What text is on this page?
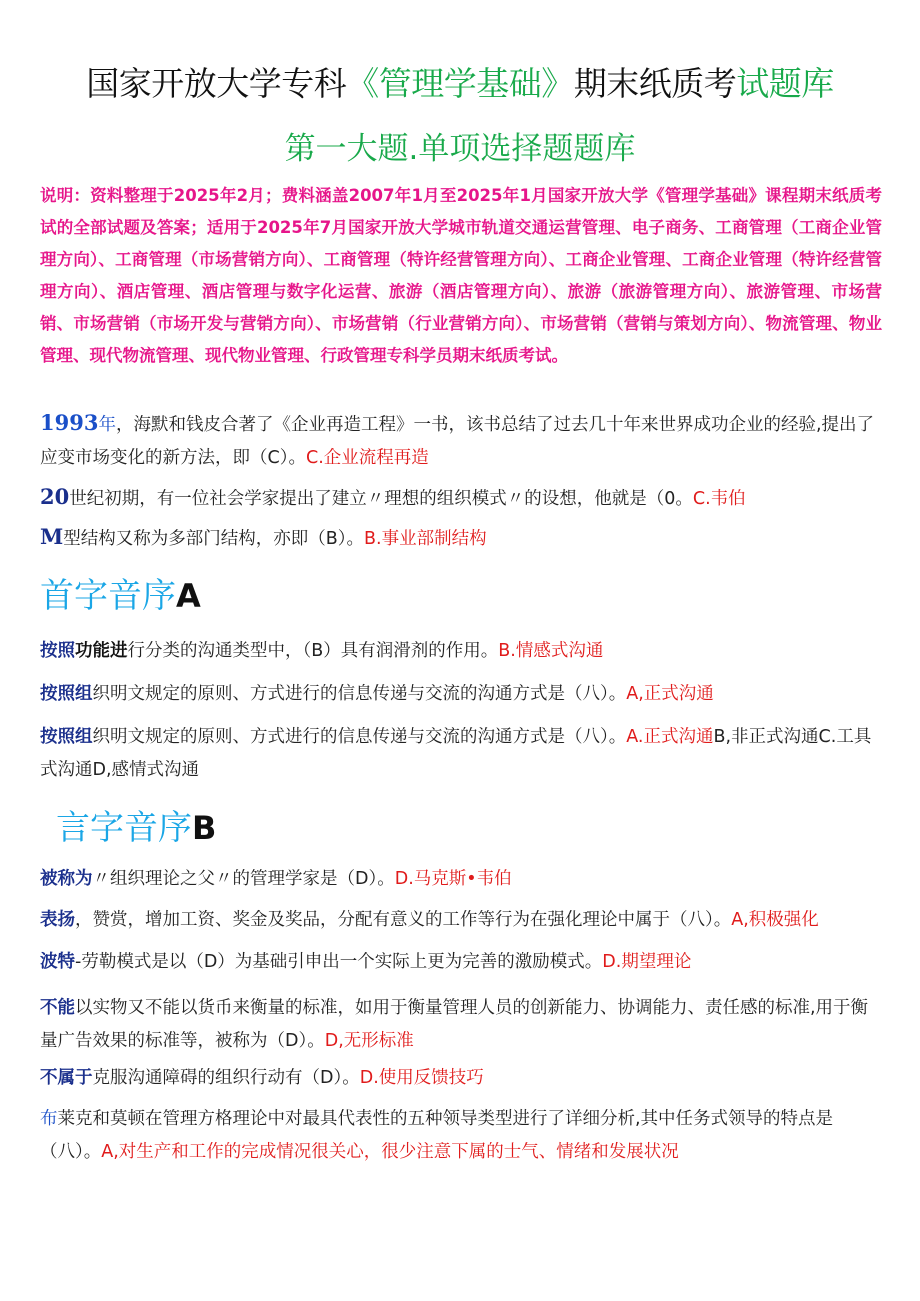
国家开放大学专科《管理学基础》期末纸质考试题库
第一大题.单项选择题题库
说明：资料整理于2025年2月；费料涵盖2007年1月至2025年1月国家开放大学《管理学基础》课程期末纸质考试的全部试题及答案；适用于2025年7月国家开放大学城市轨道交通运营管理、电子商务、工商管理（工商企业管理方向）、工商管理（市场营销方向）、工商管理（特许经营管理方向）、工商企业管理、工商企业管理（特许经营管理方向）、酒店管理、酒店管理与数字化运营、旅游（酒店管理方向）、旅游（旅游管理方向）、旅游管理、市场营销、市场营销（市场开发与营销方向）、市场营销（行业营销方向）、市场营销（营销与策划方向）、物流管理、物业管理、现代物流管理、现代物业管理、行政管理专科学员期末纸质考试。
1993年，海默和钱皮合著了《企业再造工程》一书，该书总结了过去几十年来世界成功企业的经验,提出了应变市场变化的新方法，即（C）。C.企业流程再造
20世纪初期，有一位社会学家提出了建立〃理想的组织模式〃的设想，他就是（0。C.韦伯
M型结构又称为多部门结构，亦即（B）。B.事业部制结构
首字音序A
按照功能进行分类的沟通类型中，（B）具有润滑剂的作用。B.情感式沟通
按照组织明文规定的原则、方式进行的信息传递与交流的沟通方式是（八）。A,正式沟通
按照组织明文规定的原则、方式进行的信息传递与交流的沟通方式是（八）。A.正式沟通B,非正式沟通C.工具式沟通D,感情式沟通
言字音序B
被称为〃组织理论之父〃的管理学家是（D）。D.马克斯•韦伯
表扬，赞赏，增加工资、奖金及奖品，分配有意义的工作等行为在强化理论中属于（八）。A,积极强化
波特-劳勒模式是以（D）为基础引申出一个实际上更为完善的激励模式。D.期望理论
不能以实物又不能以货币来衡量的标准，如用于衡量管理人员的创新能力、协调能力、责任感的标准,用于衡量广告效果的标准等，被称为（D）。D,无形标准
不属于克服沟通障碍的组织行动有（D）。D.使用反馈技巧
布莱克和莫顿在管理方格理论中对最具代表性的五种领导类型进行了详细分析,其中任务式领导的特点是（八）。A,对生产和工作的完成情况很关心，很少注意下属的士气、情绪和发展状况
